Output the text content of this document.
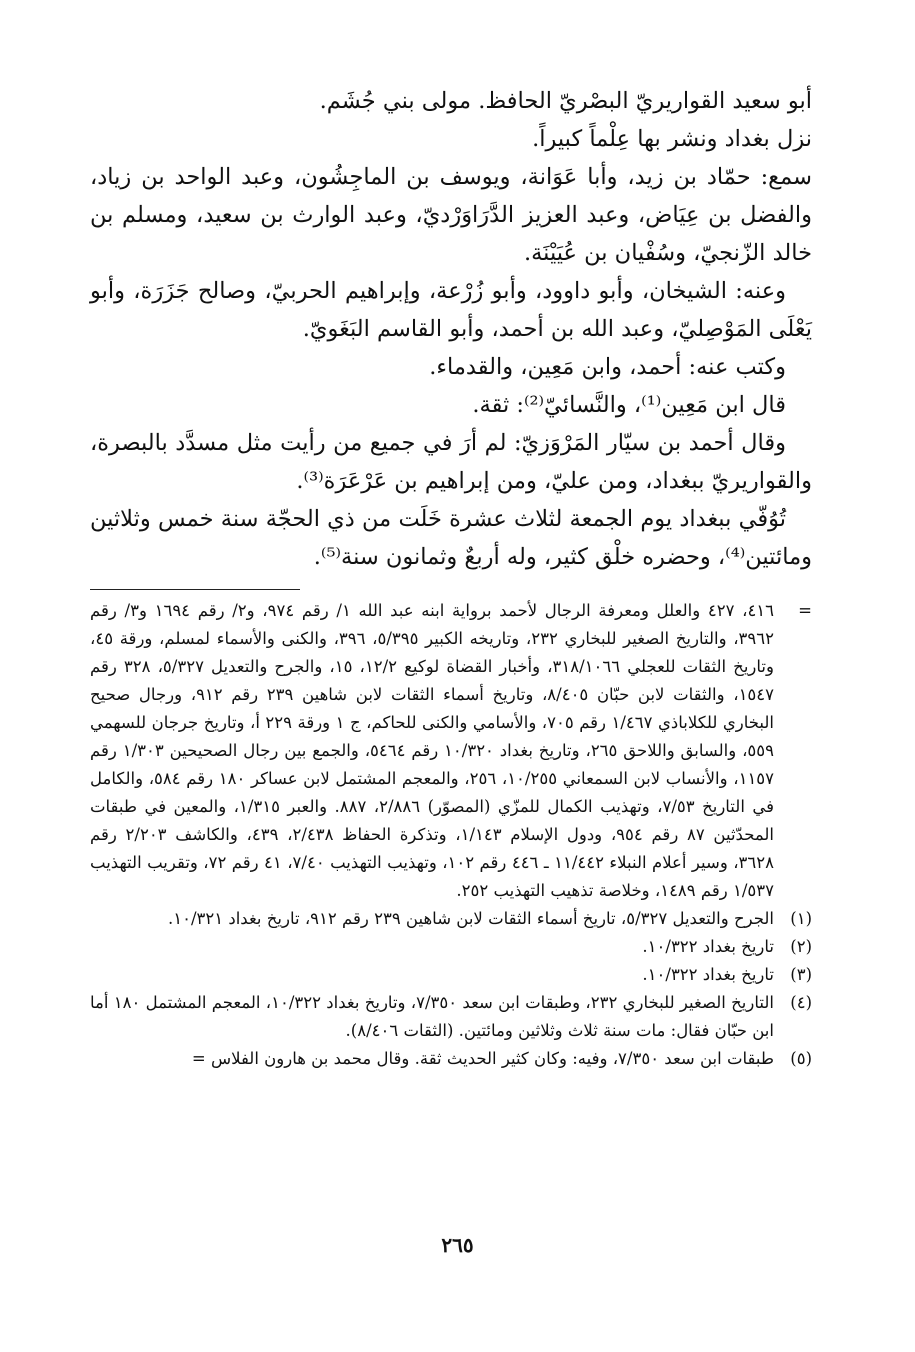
أبو سعيد القواريريّ البصْريّ الحافظ. مولى بني جُشَم.

نزل بغداد ونشر بها عِلْماً كبيراً.

سمع: حمّاد بن زيد، وأبا عَوَانة، ويوسف بن الماجِشُون، وعبد الواحد بن زياد، والفضل بن عِيَاض، وعبد العزيز الدَّرَاوَرْديّ، وعبد الوارث بن سعيد، ومسلم بن خالد الزّنجيّ، وسُفْيان بن عُيَيْنَة.

وعنه: الشيخان، وأبو داوود، وأبو زُرْعة، وإبراهيم الحربيّ، وصالح جَزَرَة، وأبو يَعْلَى المَوْصِليّ، وعبد الله بن أحمد، وأبو القاسم البَغَويّ.

وكتب عنه: أحمد، وابن مَعِين، والقدماء.

قال ابن مَعِين⁽¹⁾، والنَّسائيّ⁽²⁾: ثقة.

وقال أحمد بن سيّار المَرْوَزيّ: لم أرَ في جميع من رأيت مثل مسدَّد بالبصرة، والقواريريّ ببغداد، ومن عليّ، ومن إبراهيم بن عَرْعَرَة⁽³⁾.

تُوُفّي ببغداد يوم الجمعة لثلاث عشرة خَلَت من ذي الحجّة سنة خمس وثلاثين ومائتين⁽⁴⁾، وحضره خلْق كثير، وله أربعٌ وثمانون سنة⁽⁵⁾.

=
٤١٦، ٤٢٧ والعلل ومعرفة الرجال لأحمد برواية ابنه عبد الله ١/ رقم ٩٧٤، و٢/ رقم ١٦٩٤ و٣/ رقم ٣٩٦٢، والتاريخ الصغير للبخاري ٢٣٢، وتاريخه الكبير ٥/٣٩٥، ٣٩٦، والكنى والأسماء لمسلم، ورقة ٤٥، وتاريخ الثقات للعجلي ٣١٨/١٠٦٦، وأخبار القضاة لوكيع ١٢/٢، ١٥، والجرح والتعديل ٥/٣٢٧، ٣٢٨ رقم ١٥٤٧، والثقات لابن حبّان ٨/٤٠٥، وتاريخ أسماء الثقات لابن شاهين ٢٣٩ رقم ٩١٢، ورجال صحيح البخاري للكلاباذي ١/٤٦٧ رقم ٧٠٥، والأسامي والكنى للحاكم، ج ١ ورقة ٢٢٩ أ، وتاريخ جرجان للسهمي ٥٥٩، والسابق واللاحق ٢٦٥، وتاريخ بغداد ١٠/٣٢٠ رقم ٥٤٦٤، والجمع بين رجال الصحيحين ١/٣٠٣ رقم ١١٥٧، والأنساب لابن السمعاني ١٠/٢٥٥، ٢٥٦، والمعجم المشتمل لابن عساكر ١٨٠ رقم ٥٨٤، والكامل في التاريخ ٧/٥٣، وتهذيب الكمال للمزّي (المصوّر) ٢/٨٨٦، ٨٨٧. والعبر ١/٣١٥، والمعين في طبقات المحدّثين ٨٧ رقم ٩٥٤، ودول الإسلام ١/١٤٣، وتذكرة الحفاظ ٢/٤٣٨، ٤٣٩، والكاشف ٢/٢٠٣ رقم ٣٦٢٨، وسير أعلام النبلاء ١١/٤٤٢ ـ ٤٤٦ رقم ١٠٢، وتهذيب التهذيب ٧/٤٠، ٤١ رقم ٧٢، وتقريب التهذيب ١/٥٣٧ رقم ١٤٨٩، وخلاصة تذهيب التهذيب ٢٥٢.
(١)
الجرح والتعديل ٥/٣٢٧، تاريخ أسماء الثقات لابن شاهين ٢٣٩ رقم ٩١٢، تاريخ بغداد ١٠/٣٢١.
(٢)
تاريخ بغداد ١٠/٣٢٢.
(٣)
تاريخ بغداد ١٠/٣٢٢.
(٤)
التاريخ الصغير للبخاري ٢٣٢، وطبقات ابن سعد ٧/٣٥٠، وتاريخ بغداد ١٠/٣٢٢، المعجم المشتمل ١٨٠ أما ابن حبّان فقال: مات سنة ثلاث وثلاثين ومائتين. (الثقات ٨/٤٠٦).
(٥)
طبقات ابن سعد ٧/٣٥٠، وفيه: وكان كثير الحديث ثقة. وقال محمد بن هارون الفلاس =
٢٦٥
